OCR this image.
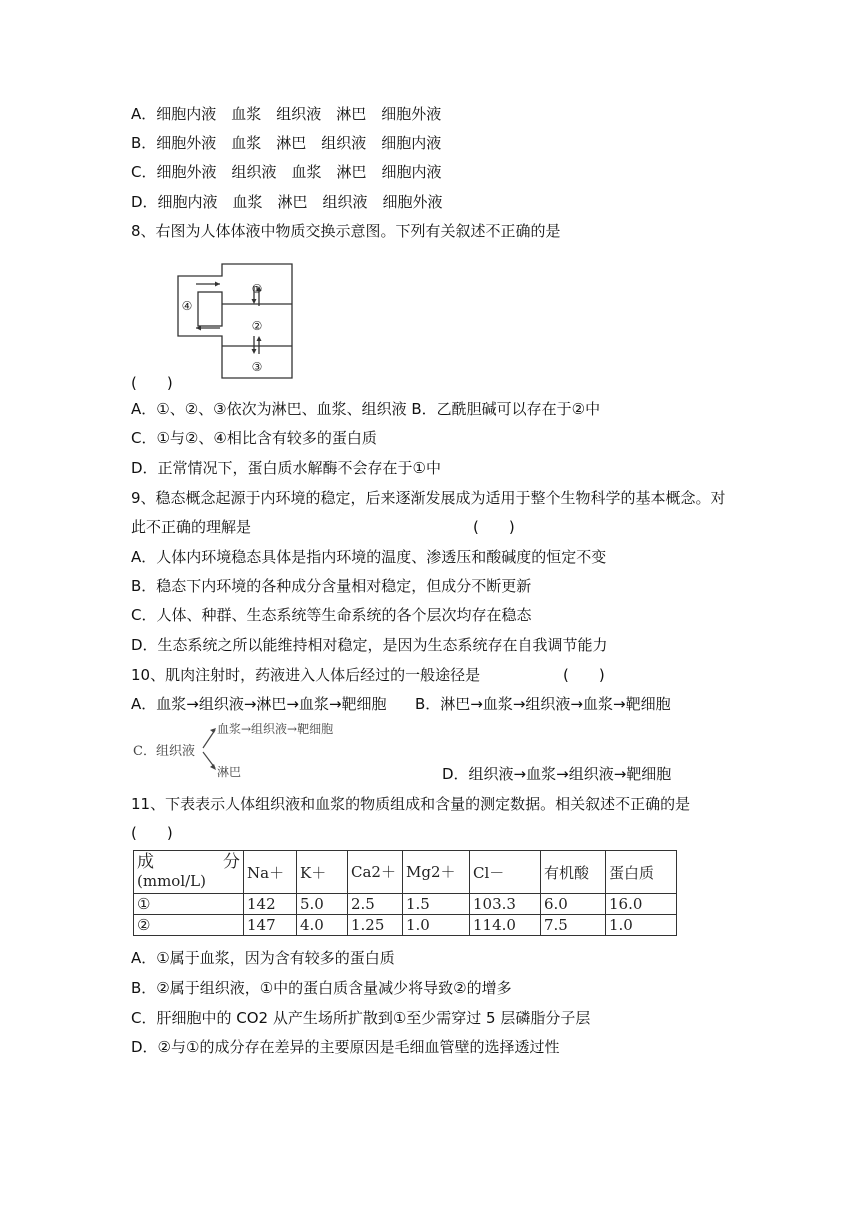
A．细胞内液　血浆　组织液　淋巴　细胞外液
B．细胞外液　血浆　淋巴　组织液　细胞内液
C．细胞外液　组织液　血浆　淋巴　细胞内液
D．细胞内液　血浆　淋巴　组织液　细胞外液
8、右图为人体体液中物质交换示意图。下列有关叙述不正确的是
④
①
②
③
(　　)
A．①、②、③依次为淋巴、血浆、组织液 B．乙酰胆碱可以存在于②中
C．①与②、④相比含有较多的蛋白质
D．正常情况下，蛋白质水解酶不会存在于①中
9、稳态概念起源于内环境的稳定，后来逐渐发展成为适用于整个生物科学的基本概念。对
此不正确的理解是	(　　)
A．人体内环境稳态具体是指内环境的温度、渗透压和酸碱度的恒定不变
B．稳态下内环境的各种成分含量相对稳定，但成分不断更新
C．人体、种群、生态系统等生命系统的各个层次均存在稳态
D．生态系统之所以能维持相对稳定，是因为生态系统存在自我调节能力
10、肌肉注射时，药液进入人体后经过的一般途径是	(　　)
A．血浆→组织液→淋巴→血浆→靶细胞 B．淋巴→血浆→组织液→血浆→靶细胞
C．组织液
血浆→组织液→靶细胞
淋巴	D．组织液→血浆→组织液→靶细胞
11、下表表示人体组织液和血浆的物质组成和含量的测定数据。相关叙述不正确的是
(　　)
成 分
(mmol/L)	Na＋	K＋	Ca2＋	Mg2＋	Cl－	有机酸	蛋白质
①	142	5.0	2.5	1.5	103.3	6.0	16.0
②	147	4.0	1.25	1.0	114.0	7.5	1.0
A．①属于血浆，因为含有较多的蛋白质
B．②属于组织液，①中的蛋白质含量减少将导致②的增多
C．肝细胞中的 CO2 从产生场所扩散到①至少需穿过 5 层磷脂分子层
D．②与①的成分存在差异的主要原因是毛细血管壁的选择透过性
